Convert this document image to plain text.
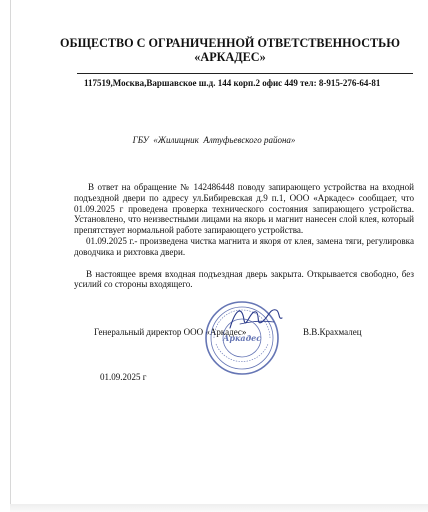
ОБЩЕСТВО С ОГРАНИЧЕННОЙ ОТВЕТСТВЕННОСТЬЮ
«АРКАДЕС»
117519,Москва,Варшавское ш.д. 144 корп.2 офис 449 тел: 8-915-276-64-81
ГБУ  «Жилищник  Алтуфьевского района»

В ответ на обращение № 142486448 поводу запирающего устройства на входной подъездной двери по адресу ул.Бибиревская д.9 п.1, ООО «Аркадес» сообщает, что 01.09.2025 г проведена проверка технического состояния запирающего устройства. Установлено, что неизвестными лицами на якорь и магнит нанесен слой клея, который препятствует нормальной работе запирающего устройства.

01.09.2025 г.- произведена чистка магнита и якоря от клея, замена тяги, регулировка доводчика и рихтовка двери.

В настоящее время входная подъездная дверь закрыта. Открывается свободно, без усилий со стороны входящего.

Генеральный директор ООО «Аркадес»	В.В.Крахмалец
Аркадес
01.09.2025 г
